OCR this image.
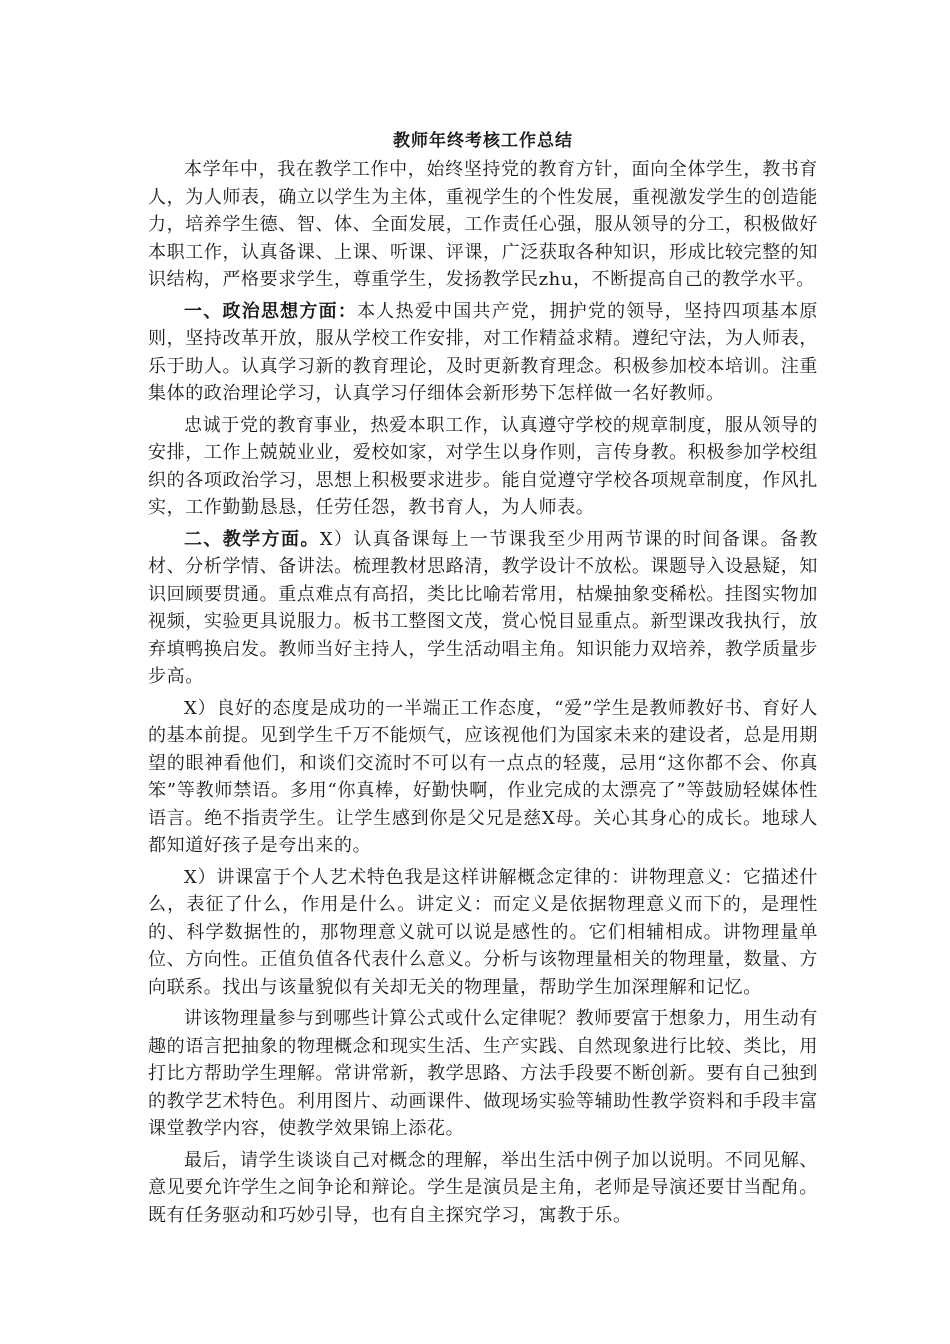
教师年终考核工作总结

本学年中，我在教学工作中，始终坚持党的教育方针，面向全体学生，教书育人，为人师表，确立以学生为主体，重视学生的个性发展，重视激发学生的创造能力，培养学生德、智、体、全面发展，工作责任心强，服从领导的分工，积极做好本职工作，认真备课、上课、听课、评课，广泛获取各种知识，形成比较完整的知识结构，严格要求学生，尊重学生，发扬教学民zhu，不断提高自己的教学水平。

一、政治思想方面：本人热爱中国共产党，拥护党的领导，坚持四项基本原则，坚持改革开放，服从学校工作安排，对工作精益求精。遵纪守法，为人师表，乐于助人。认真学习新的教育理论，及时更新教育理念。积极参加校本培训。注重集体的政治理论学习，认真学习仔细体会新形势下怎样做一名好教师。

忠诚于党的教育事业，热爱本职工作，认真遵守学校的规章制度，服从领导的安排，工作上兢兢业业，爱校如家，对学生以身作则，言传身教。积极参加学校组织的各项政治学习，思想上积极要求进步。能自觉遵守学校各项规章制度，作风扎实，工作勤勤恳恳，任劳任怨，教书育人，为人师表。

二、教学方面。X）认真备课每上一节课我至少用两节课的时间备课。备教材、分析学情、备讲法。梳理教材思路清，教学设计不放松。课题导入设悬疑，知识回顾要贯通。重点难点有高招，类比比喻若常用，枯燥抽象变稀松。挂图实物加视频，实验更具说服力。板书工整图文茂，赏心悦目显重点。新型课改我执行，放弃填鸭换启发。教师当好主持人，学生活动唱主角。知识能力双培养，教学质量步步高。

X）良好的态度是成功的一半端正工作态度，“爱”学生是教师教好书、育好人的基本前提。见到学生千万不能烦气，应该视他们为国家未来的建设者，总是用期望的眼神看他们，和谈们交流时不可以有一点点的轻蔑，忌用“这你都不会、你真笨”等教师禁语。多用“你真棒，好勤快啊，作业完成的太漂亮了”等鼓励轻媒体性语言。绝不指责学生。让学生感到你是父兄是慈X母。关心其身心的成长。地球人都知道好孩子是夸出来的。

X）讲课富于个人艺术特色我是这样讲解概念定律的：讲物理意义：它描述什么，表征了什么，作用是什么。讲定义：而定义是依据物理意义而下的，是理性的、科学数据性的，那物理意义就可以说是感性的。它们相辅相成。讲物理量单位、方向性。正值负值各代表什么意义。分析与该物理量相关的物理量，数量、方向联系。找出与该量貌似有关却无关的物理量，帮助学生加深理解和记忆。

讲该物理量参与到哪些计算公式或什么定律呢？教师要富于想象力，用生动有趣的语言把抽象的物理概念和现实生活、生产实践、自然现象进行比较、类比，用打比方帮助学生理解。常讲常新，教学思路、方法手段要不断创新。要有自己独到的教学艺术特色。利用图片、动画课件、做现场实验等辅助性教学资料和手段丰富课堂教学内容，使教学效果锦上添花。

最后，请学生谈谈自己对概念的理解，举出生活中例子加以说明。不同见解、意见要允许学生之间争论和辩论。学生是演员是主角，老师是导演还要甘当配角。既有任务驱动和巧妙引导，也有自主探究学习，寓教于乐。
